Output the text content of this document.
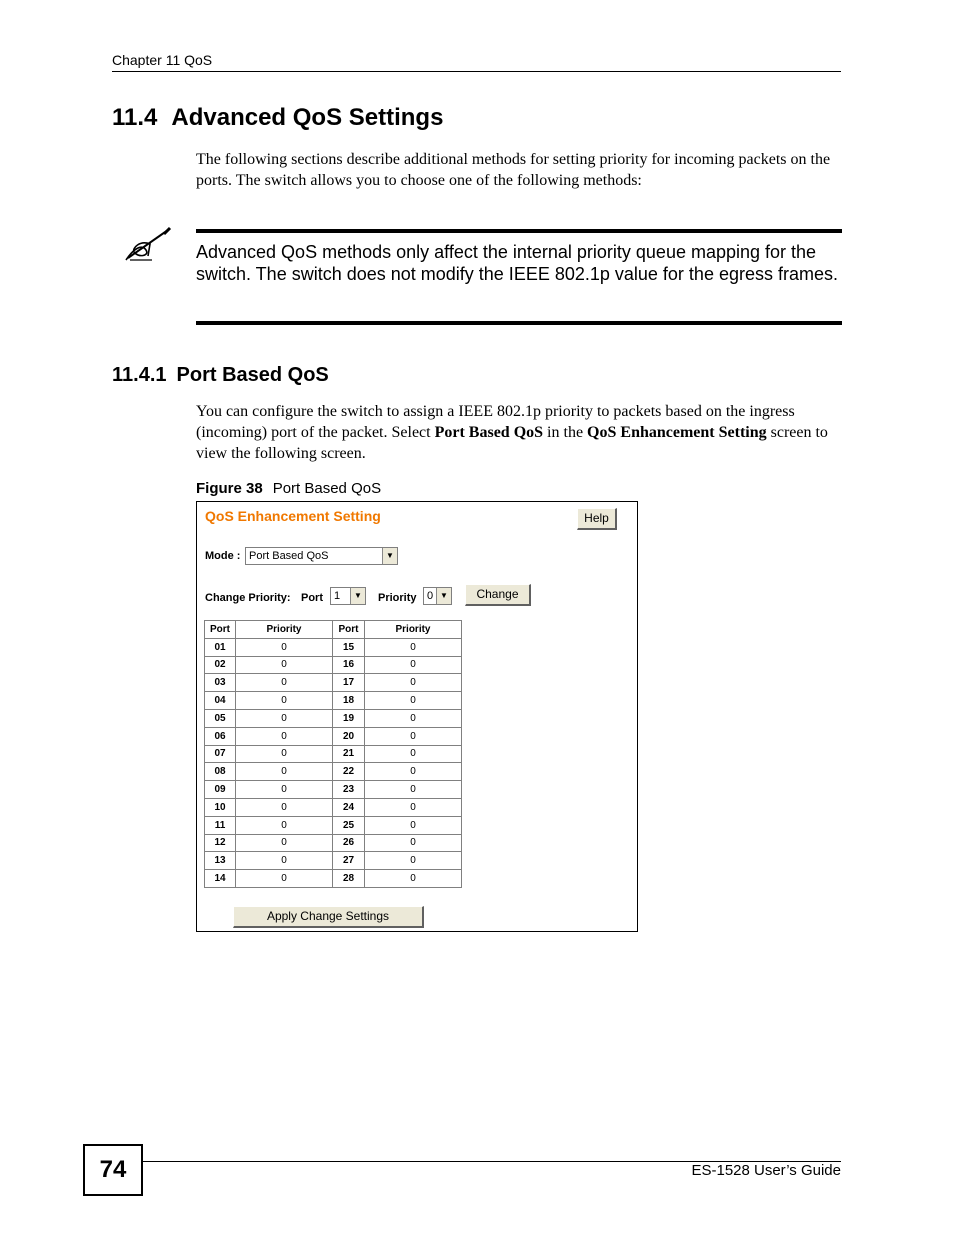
Chapter 11 QoS
11.4 Advanced QoS Settings
The following sections describe additional methods for setting priority for incoming packets on the ports. The switch allows you to choose one of the following methods:
Advanced QoS methods only affect the internal priority queue mapping for the switch. The switch does not modify the IEEE 802.1p value for the egress frames.
11.4.1 Port Based QoS
You can configure the switch to assign a IEEE 802.1p priority to packets based on the ingress (incoming) port of the packet. Select Port Based QoS in the QoS Enhancement Setting screen to view the following screen.
Figure 38 Port Based QoS
QoS Enhancement Setting	Help
Mode : Port Based QoS	▼
Change Priority: Port	1	▼ Priority 0 ▼	Change
Port	Priority	Port	Priority
01	0	15	0
02	0	16	0
03	0	17	0
04	0	18	0
05	0	19	0
06	0	20	0
07	0	21	0
08	0	22	0
09	0	23	0
10	0	24	0
11	0	25	0
12	0	26	0
13	0	27	0
14	0	28	0
Apply Change Settings
74	ES-1528 User’s Guide
